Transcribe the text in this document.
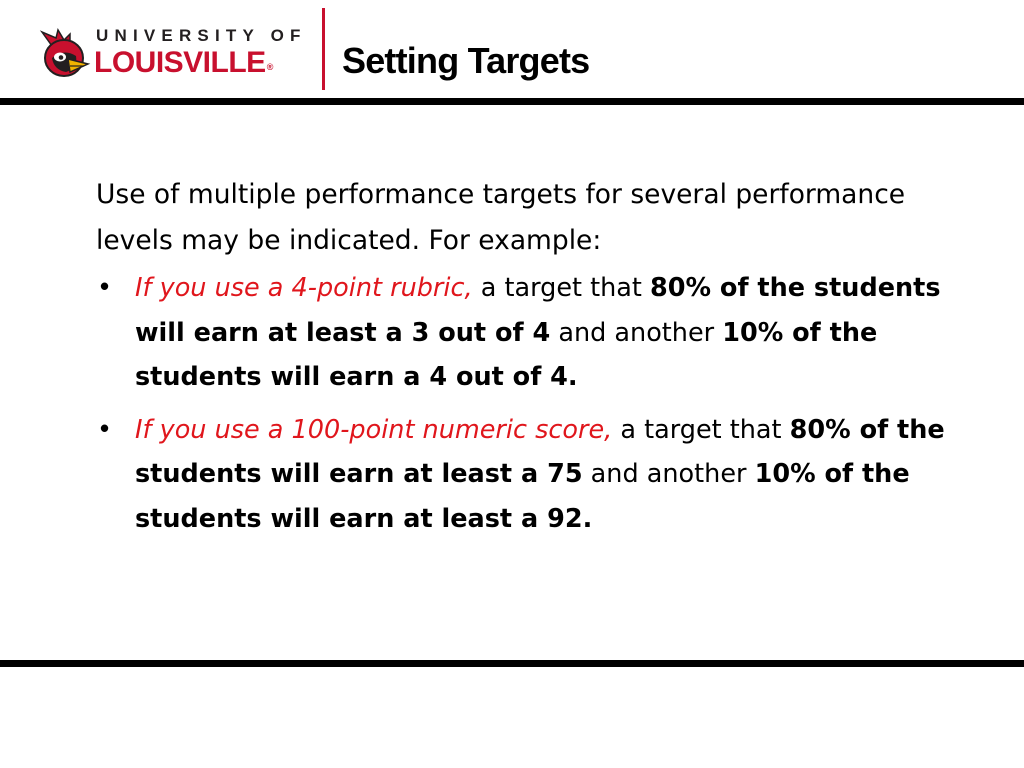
UNIVERSITY OF
LOUISVILLE® Setting Targets

Use of multiple performance targets for several performance levels may be indicated. For example:

• If you use a 4-point rubric, a target that 80% of the students will earn at least a 3 out of 4 and another 10% of the students will earn a 4 out of 4.
• If you use a 100-point numeric score, a target that 80% of the students will earn at least a 75 and another 10% of the students will earn at least a 92.
